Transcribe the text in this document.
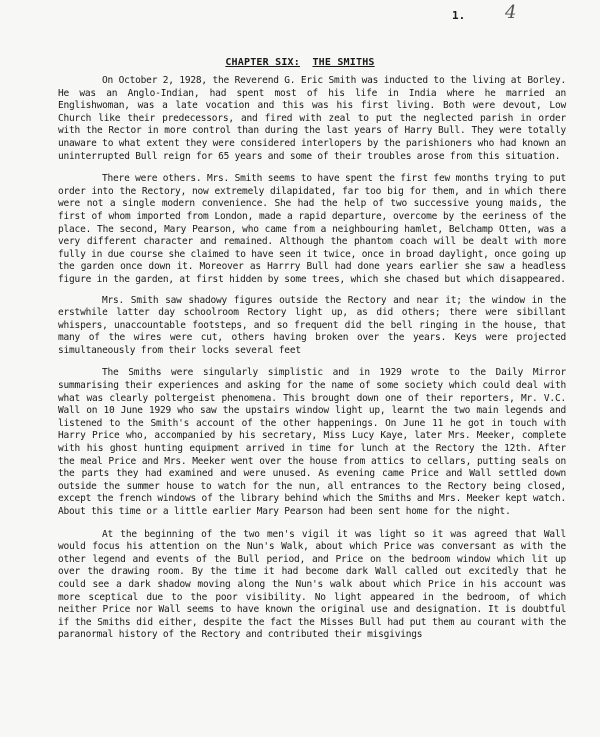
1. 4
CHAPTER SIX: THE SMITHS

On October 2, 1928, the Reverend G. Eric Smith was inducted to the living at Borley. He was an Anglo-Indian, had spent most of his life in India where he married an Englishwoman, was a late vocation and this was his first living. Both were devout, Low Church like their predecessors, and fired with zeal to put the neglected parish in order with the Rector in more control than during the last years of Harry Bull. They were totally unaware to what extent they were considered interlopers by the parishioners who had known an uninterrupted Bull reign for 65 years and some of their troubles arose from this situation.

There were others. Mrs. Smith seems to have spent the first few months trying to put order into the Rectory, now extremely dilapidated, far too big for them, and in which there were not a single modern convenience. She had the help of two successive young maids, the first of whom imported from London, made a rapid departure, overcome by the eeriness of the place. The second, Mary Pearson, who came from a neighbouring hamlet, Belchamp Otten, was a very different character and remained. Although the phantom coach will be dealt with more fully in due course she claimed to have seen it twice, once in broad daylight, once going up the garden once down it. Moreover as Harrry Bull had done years earlier she saw a headless figure in the garden, at first hidden by some trees, which she chased but which disappeared.

Mrs. Smith saw shadowy figures outside the Rectory and near it; the window in the erstwhile latter day schoolroom Rectory light up, as did others; there were sibillant whispers, unaccountable footsteps, and so frequent did the bell ringing in the house, that many of the wires were cut, others having broken over the years. Keys were projected simultaneously from their locks several feet

The Smiths were singularly simplistic and in 1929 wrote to the Daily Mirror summarising their experiences and asking for the name of some society which could deal with what was clearly poltergeist phenomena. This brought down one of their reporters, Mr. V.C. Wall on 10 June 1929 who saw the upstairs window light up, learnt the two main legends and listened to the Smith's account of the other happenings. On June 11 he got in touch with Harry Price who, accompanied by his secretary, Miss Lucy Kaye, later Mrs. Meeker, complete with his ghost hunting equipment arrived in time for lunch at the Rectory the 12th. After the meal Price and Mrs. Meeker went over the house from attics to cellars, putting seals on the parts they had examined and were unused. As evening came Price and Wall settled down outside the summer house to watch for the nun, all entrances to the Rectory being closed, except the french windows of the library behind which the Smiths and Mrs. Meeker kept watch. About this time or a little earlier Mary Pearson had been sent home for the night.

At the beginning of the two men's vigil it was light so it was agreed that Wall would focus his attention on the Nun's Walk, about which Price was conversant as with the other legend and events of the Bull period, and Price on the bedroom window which lit up over the drawing room. By the time it had become dark Wall called out excitedly that he could see a dark shadow moving along the Nun's walk about which Price in his account was more sceptical due to the poor visibility. No light appeared in the bedroom, of which neither Price nor Wall seems to have known the original use and designation. It is doubtful if the Smiths did either, despite the fact the Misses Bull had put them au courant with the paranormal history of the Rectory and contributed their misgivings
